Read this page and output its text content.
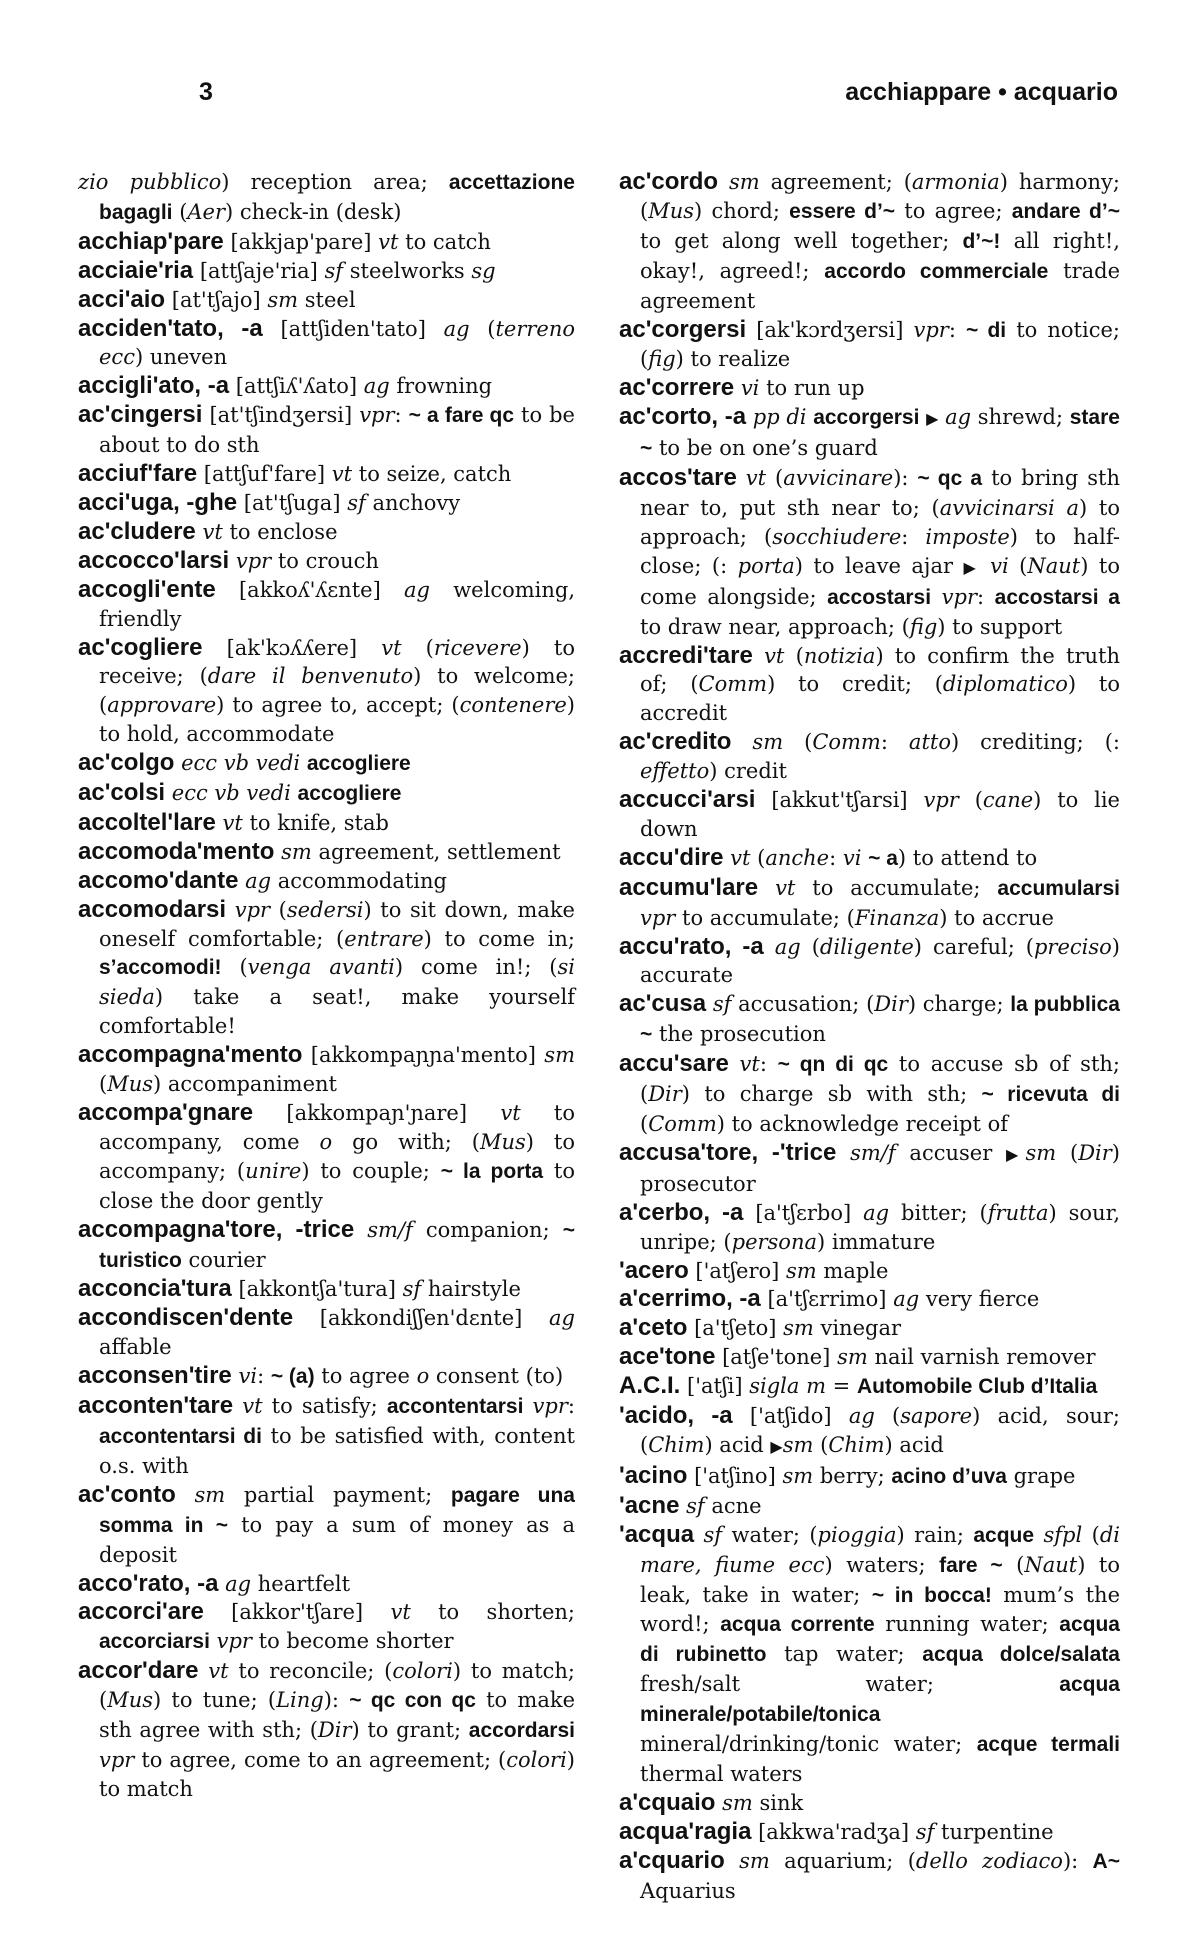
3	acchiappare • acquario

zio pubblico) reception area; accettazione bagagli (Aer) check-in (desk)

acchiap'pare [akkjap'pare] vt to catch

acciaie'ria [attʃaje'ria] sf steelworks sg

acci'aio [at'tʃajo] sm steel

acciden'tato, -a [attʃiden'tato] ag (terreno ecc) uneven

accigli'ato, -a [attʃiʎ'ʎato] ag frowning

ac'cingersi [at'tʃindʒersi] vpr: ~ a fare qc to be about to do sth

acciuf'fare [attʃuf'fare] vt to seize, catch

acci'uga, -ghe [at'tʃuga] sf anchovy

ac'cludere vt to enclose

accocco'larsi vpr to crouch

accogli'ente [akkoʎ'ʎɛnte] ag welcoming, friendly

ac'cogliere [ak'kɔʎʎere] vt (ricevere) to receive; (dare il benvenuto) to welcome; (approvare) to agree to, accept; (contenere) to hold, accommodate

ac'colgo ecc vb vedi accogliere

ac'colsi ecc vb vedi accogliere

accoltel'lare vt to knife, stab

accomoda'mento sm agreement, settlement

accomo'dante ag accommodating

accomodarsi vpr (sedersi) to sit down, make oneself comfortable; (entrare) to come in; s’accomodi! (venga avanti) come in!; (si sieda) take a seat!, make yourself comfortable!

accompagna'mento [akkompaɲɲa'mento] sm (Mus) accompaniment

accompa'gnare [akkompaɲ'ɲare] vt to accompany, come o go with; (Mus) to accompany; (unire) to couple; ~ la porta to close the door gently

accompagna'tore, -trice sm/f companion; ~ turistico courier

acconcia'tura [akkontʃa'tura] sf hairstyle

accondiscen'dente [akkondiʃʃen'dɛnte] ag affable

acconsen'tire vi: ~ (a) to agree o consent (to)

acconten'tare vt to satisfy; accontentarsi vpr: accontentarsi di to be satisfied with, content o.s. with

ac'conto sm partial payment; pagare una somma in ~ to pay a sum of money as a deposit

acco'rato, -a ag heartfelt

accorci'are [akkor'tʃare] vt to shorten; accorciarsi vpr to become shorter

accor'dare vt to reconcile; (colori) to match; (Mus) to tune; (Ling): ~ qc con qc to make sth agree with sth; (Dir) to grant; accordarsi vpr to agree, come to an agreement; (colori) to match

ac'cordo sm agreement; (armonia) harmony; (Mus) chord; essere d’~ to agree; andare d’~ to get along well together; d’~! all right!, okay!, agreed!; accordo commerciale trade agreement

ac'corgersi [ak'kɔrdʒersi] vpr: ~ di to notice; (fig) to realize

ac'correre vi to run up

ac'corto, -a pp di accorgersi ▶ ag shrewd; stare ~ to be on one’s guard

accos'tare vt (avvicinare): ~ qc a to bring sth near to, put sth near to; (avvicinarsi a) to approach; (socchiudere: imposte) to half-close; (: porta) to leave ajar ▶ vi (Naut) to come alongside; accostarsi vpr: accostarsi a to draw near, approach; (fig) to support

accredi'tare vt (notizia) to confirm the truth of; (Comm) to credit; (diplomatico) to accredit

ac'credito sm (Comm: atto) crediting; (: effetto) credit

accucci'arsi [akkut'tʃarsi] vpr (cane) to lie down

accu'dire vt (anche: vi ~ a) to attend to

accumu'lare vt to accumulate; accumularsi vpr to accumulate; (Finanza) to accrue

accu'rato, -a ag (diligente) careful; (preciso) accurate

ac'cusa sf accusation; (Dir) charge; la pubblica ~ the prosecution

accu'sare vt: ~ qn di qc to accuse sb of sth; (Dir) to charge sb with sth; ~ ricevuta di (Comm) to acknowledge receipt of

accusa'tore, -'trice sm/f accuser ▶sm (Dir) prosecutor

a'cerbo, -a [a'tʃɛrbo] ag bitter; (frutta) sour, unripe; (persona) immature

'acero ['atʃero] sm maple

a'cerrimo, -a [a'tʃɛrrimo] ag very fierce

a'ceto [a'tʃeto] sm vinegar

ace'tone [atʃe'tone] sm nail varnish remover

A.C.I. ['atʃi] sigla m = Automobile Club d’Italia

'acido, -a ['atʃido] ag (sapore) acid, sour; (Chim) acid ▶sm (Chim) acid

'acino ['atʃino] sm berry; acino d’uva grape

'acne sf acne

'acqua sf water; (pioggia) rain; acque sfpl (di mare, fiume ecc) waters; fare ~ (Naut) to leak, take in water; ~ in bocca! mum’s the word!; acqua corrente running water; acqua di rubinetto tap water; acqua dolce/salata fresh/salt water; acqua minerale/potabile/tonica mineral/drinking/tonic water; acque termali thermal waters

a'cquaio sm sink

acqua'ragia [akkwa'radʒa] sf turpentine

a'cquario sm aquarium; (dello zodiaco): A~ Aquarius
